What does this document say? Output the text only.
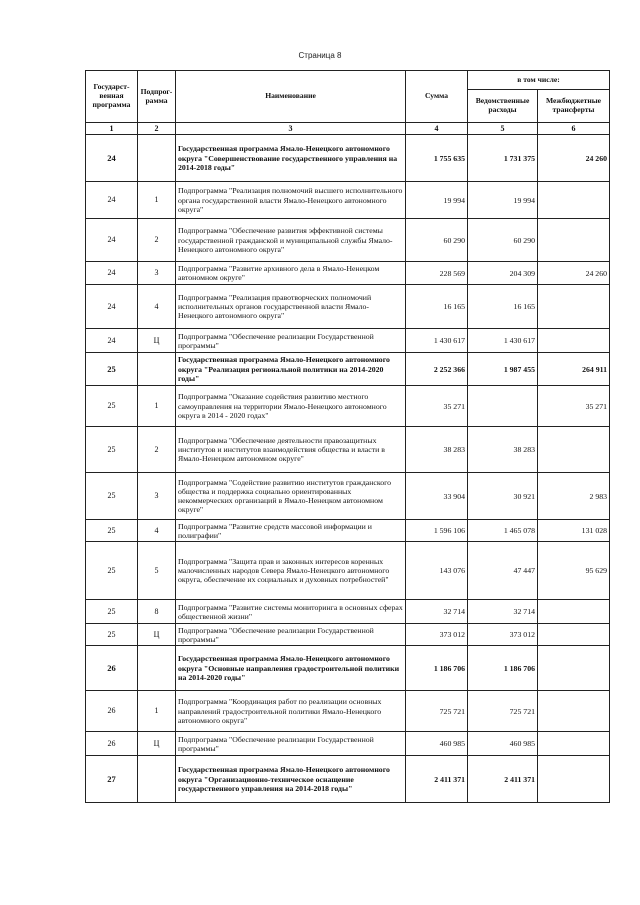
Страница 8
Государст-венная программа	Подпрог-рамма	Наименование	Сумма	в том числе:	
				Ведомственные расходы	Межбюджетные трансферты
1	2	3	4	5	6
24		Государственная программа Ямало-Ненецкого автономного округа "Совершенствование государственного управления на 2014-2018 годы"	1 755 635	1 731 375	24 260
24	1	Подпрограмма "Реализация полномочий высшего исполнительного органа государственной власти Ямало-Ненецкого автономного округа"	19 994	19 994	
24	2	Подпрограмма "Обеспечение развития эффективной системы государственной гражданской и муниципальной службы Ямало-Ненецкого автономного округа"	60 290	60 290	
24	3	Подпрограмма "Развитие архивного дела в Ямало-Ненецком автономном округе"	228 569	204 309	24 260
24	4	Подпрограмма "Реализация правотворческих полномочий исполнительных органов государственной власти Ямало-Ненецкого автономного округа"	16 165	16 165	
24	Ц	Подпрограмма "Обеспечение реализации Государственной программы"	1 430 617	1 430 617	
25		Государственная программа Ямало-Ненецкого автономного округа "Реализация региональной политики на 2014-2020 годы"	2 252 366	1 987 455	264 911
25	1	Подпрограмма "Оказание содействия развитию местного самоуправления на территории Ямало-Ненецкого автономного округа в 2014 - 2020 годах"	35 271		35 271
25	2	Подпрограмма "Обеспечение деятельности правозащитных институтов и институтов взаимодействия общества и власти в Ямало-Ненецком автономном округе"	38 283	38 283	
25	3	Подпрограмма "Содействие развитию институтов гражданского общества и поддержка социально ориентированных некоммерческих организаций в Ямало-Ненецком автономном округе"	33 904	30 921	2 983
25	4	Подпрограмма "Развитие средств массовой информации и полиграфии"	1 596 106	1 465 078	131 028
25	5	Подпрограмма "Защита прав и законных интересов коренных малочисленных народов Севера Ямало-Ненецкого автономного округа, обеспечение их социальных и духовных потребностей"	143 076	47 447	95 629
25	8	Подпрограмма "Развитие системы мониторинга в основных сферах общественной жизни"	32 714	32 714	
25	Ц	Подпрограмма "Обеспечение реализации Государственной программы"	373 012	373 012	
26		Государственная программа Ямало-Ненецкого автономного округа "Основные направления градостроительной политики на 2014-2020 годы"	1 186 706	1 186 706	
26	1	Подпрограмма "Координация работ по реализации основных направлений градостроительной политики Ямало-Ненецкого автономного округа"	725 721	725 721	
26	Ц	Подпрограмма "Обеспечение реализации Государственной программы"	460 985	460 985	
27		Государственная программа Ямало-Ненецкого автономного округа "Организационно-техническое оснащение государственного управления на 2014-2018 годы"	2 411 371	2 411 371	
